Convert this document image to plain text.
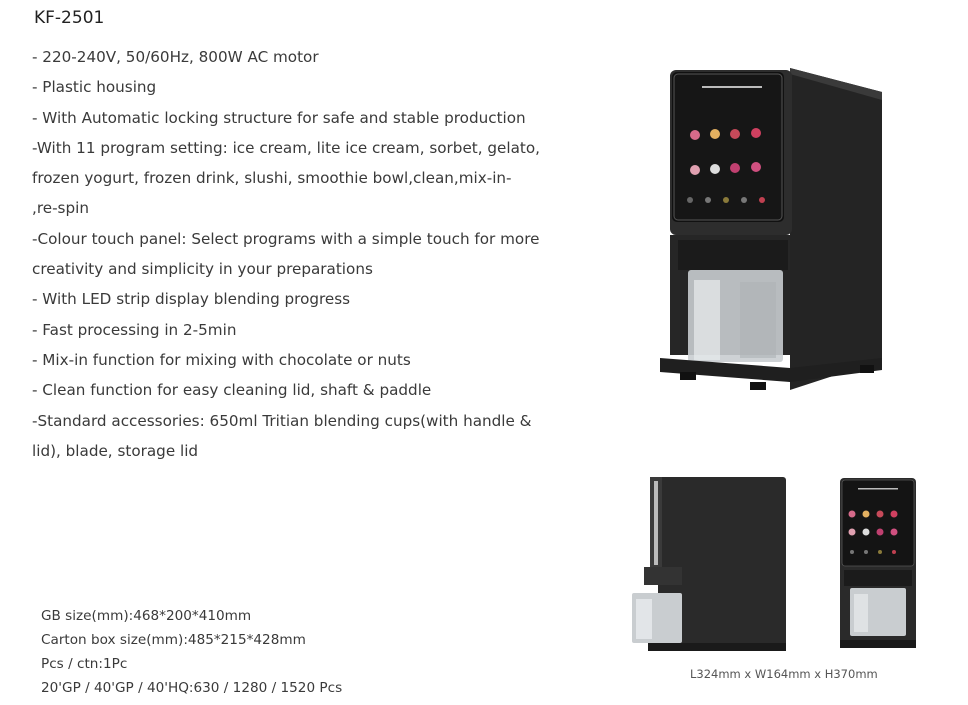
KF-2501
- 220-240V, 50/60Hz, 800W AC motor
- Plastic housing
- With Automatic locking structure for safe and stable production
-With 11 program setting: ice cream, lite ice cream, sorbet, gelato,
frozen yogurt, frozen drink, slushi, smoothie bowl,clean,mix-in-
,re-spin
-Colour touch panel: Select programs with a simple touch for more
creativity and simplicity in your preparations
- With LED strip display blending progress
- Fast processing in 2-5min
- Mix-in function for mixing with chocolate or nuts
- Clean function for easy cleaning lid, shaft & paddle
-Standard accessories: 650ml Tritian blending cups(with handle &
lid), blade, storage lid
GB size(mm):468*200*410mm
Carton box size(mm):485*215*428mm
Pcs / ctn:1Pc
20'GP / 40'GP / 40'HQ:630 / 1280 / 1520 Pcs
L324mm x W164mm x H370mm
